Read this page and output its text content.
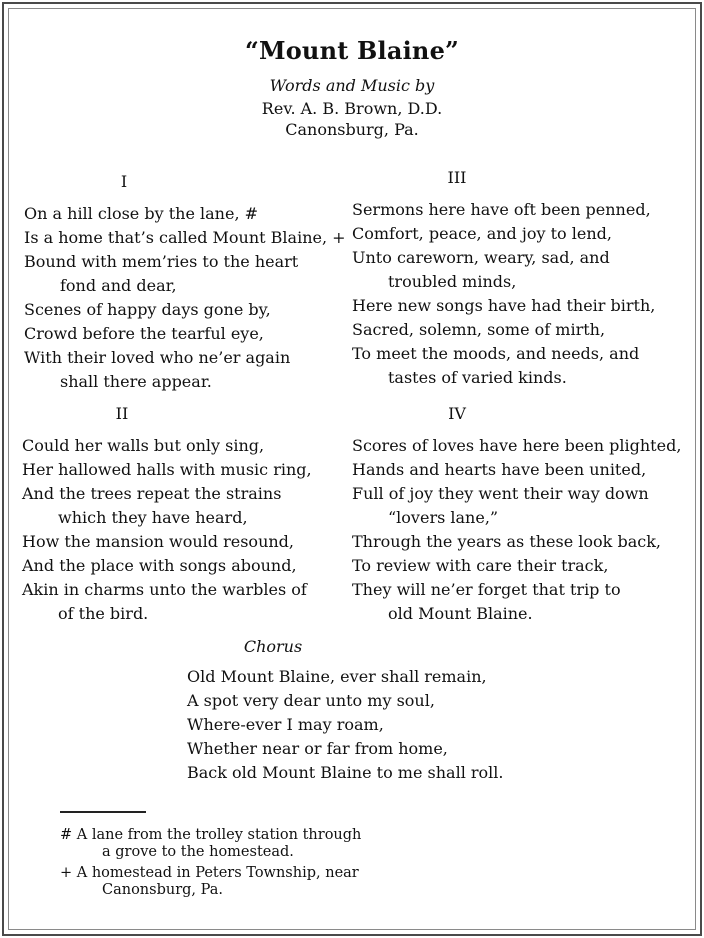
“Mount Blaine”
Words and Music by
Rev. A. B. Brown, D.D.
Canonsburg, Pa.
I
On a hill close by the lane, #
Is a home that’s called Mount Blaine, +
Bound with mem’ries to the heart
fond and dear,
Scenes of happy days gone by,
Crowd before the tearful eye,
With their loved who ne’er again
shall there appear.
III
Sermons here have oft been penned,
Comfort, peace, and joy to lend,
Unto careworn, weary, sad, and
troubled minds,
Here new songs have had their birth,
Sacred, solemn, some of mirth,
To meet the moods, and needs, and
tastes of varied kinds.
II
Could her walls but only sing,
Her hallowed halls with music ring,
And the trees repeat the strains
which they have heard,
How the mansion would resound,
And the place with songs abound,
Akin in charms unto the warbles of
of the bird.
IV
Scores of loves have here been plighted,
Hands and hearts have been united,
Full of joy they went their way down
“lovers lane,”
Through the years as these look back,
To review with care their track,
They will ne’er forget that trip to
old Mount Blaine.
Chorus
Old Mount Blaine, ever shall remain,
A spot very dear unto my soul,
Where-ever I may roam,
Whether near or far from home,
Back old Mount Blaine to me shall roll.
# A lane from the trolley station through
a grove to the homestead.
+ A homestead in Peters Township, near
Canonsburg, Pa.
